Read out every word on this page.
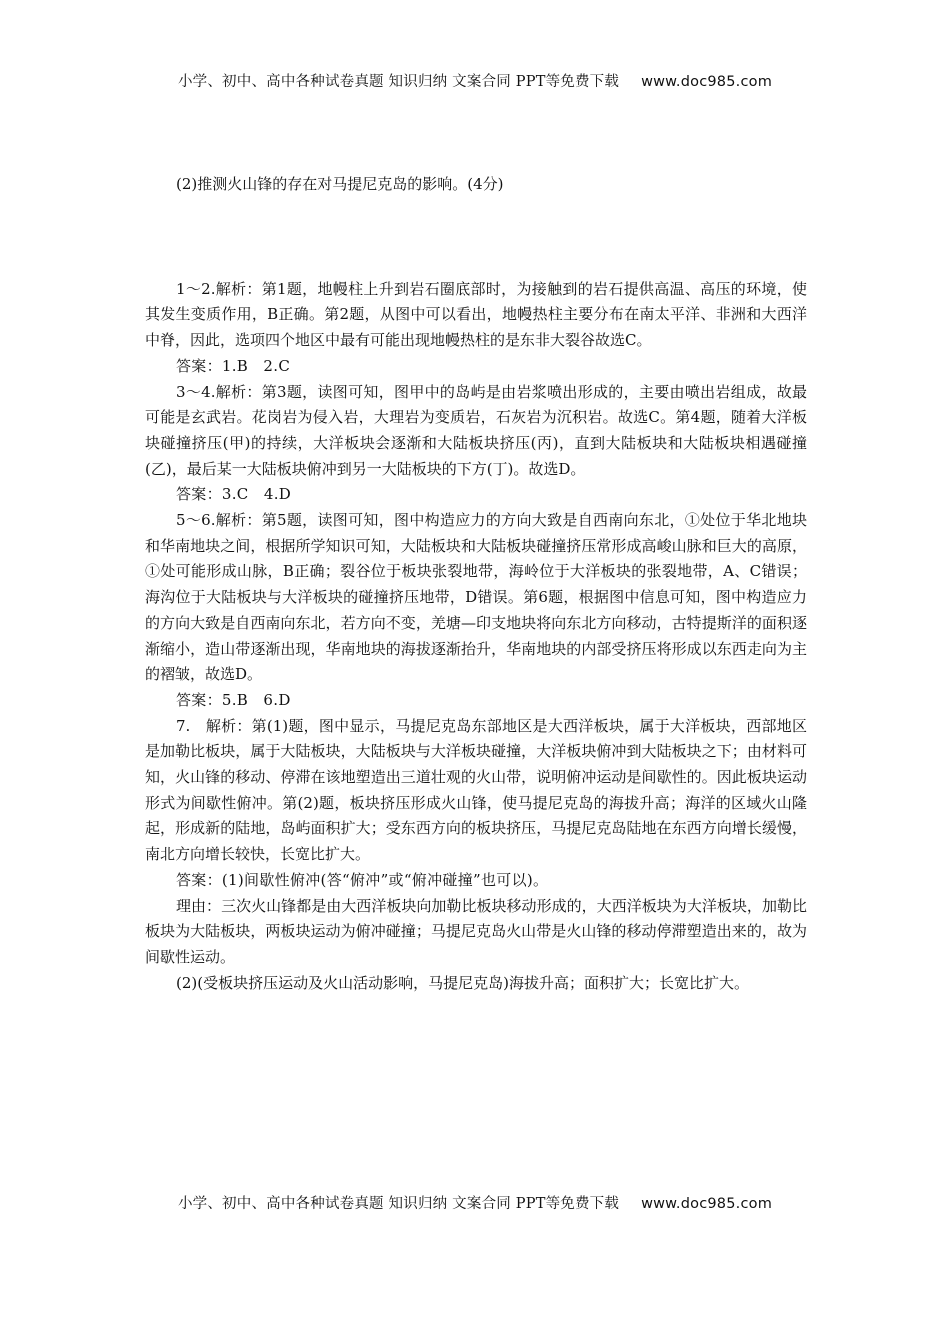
小学、初中、高中各种试卷真题 知识归纳 文案合同 PPT等免费下载 www.doc985.com

(2)推测火山锋的存在对马提尼克岛的影响。(4分)

1～2.解析：第1题，地幔柱上升到岩石圈底部时，为接触到的岩石提供高温、高压的环境，使其发生变质作用，B正确。第2题，从图中可以看出，地幔热柱主要分布在南太平洋、非洲和大西洋中脊，因此，选项四个地区中最有可能出现地幔热柱的是东非大裂谷故选C。

答案：1.B　2.C

3～4.解析：第3题，读图可知，图甲中的岛屿是由岩浆喷出形成的，主要由喷出岩组成，故最可能是玄武岩。花岗岩为侵入岩，大理岩为变质岩，石灰岩为沉积岩。故选C。第4题，随着大洋板块碰撞挤压(甲)的持续，大洋板块会逐渐和大陆板块挤压(丙)，直到大陆板块和大陆板块相遇碰撞(乙)，最后某一大陆板块俯冲到另一大陆板块的下方(丁)。故选D。

答案：3.C　4.D

5～6.解析：第5题，读图可知，图中构造应力的方向大致是自西南向东北，①处位于华北地块和华南地块之间，根据所学知识可知，大陆板块和大陆板块碰撞挤压常形成高峻山脉和巨大的高原，①处可能形成山脉，B正确；裂谷位于板块张裂地带，海岭位于大洋板块的张裂地带，A、C错误；海沟位于大陆板块与大洋板块的碰撞挤压地带，D错误。第6题，根据图中信息可知，图中构造应力的方向大致是自西南向东北，若方向不变，羌塘—印支地块将向东北方向移动，古特提斯洋的面积逐渐缩小，造山带逐渐出现，华南地块的海拔逐渐抬升，华南地块的内部受挤压将形成以东西走向为主的褶皱，故选D。

答案：5.B　6.D

7.　解析：第(1)题，图中显示，马提尼克岛东部地区是大西洋板块，属于大洋板块，西部地区是加勒比板块，属于大陆板块，大陆板块与大洋板块碰撞，大洋板块俯冲到大陆板块之下；由材料可知，火山锋的移动、停滞在该地塑造出三道壮观的火山带，说明俯冲运动是间歇性的。因此板块运动形式为间歇性俯冲。第(2)题，板块挤压形成火山锋，使马提尼克岛的海拔升高；海洋的区域火山隆起，形成新的陆地，岛屿面积扩大；受东西方向的板块挤压，马提尼克岛陆地在东西方向增长缓慢，南北方向增长较快，长宽比扩大。

答案：(1)间歇性俯冲(答“俯冲”或“俯冲碰撞”也可以)。

理由：三次火山锋都是由大西洋板块向加勒比板块移动形成的，大西洋板块为大洋板块，加勒比板块为大陆板块，两板块运动为俯冲碰撞；马提尼克岛火山带是火山锋的移动停滞塑造出来的，故为间歇性运动。

(2)(受板块挤压运动及火山活动影响，马提尼克岛)海拔升高；面积扩大；长宽比扩大。

小学、初中、高中各种试卷真题 知识归纳 文案合同 PPT等免费下载 www.doc985.com
